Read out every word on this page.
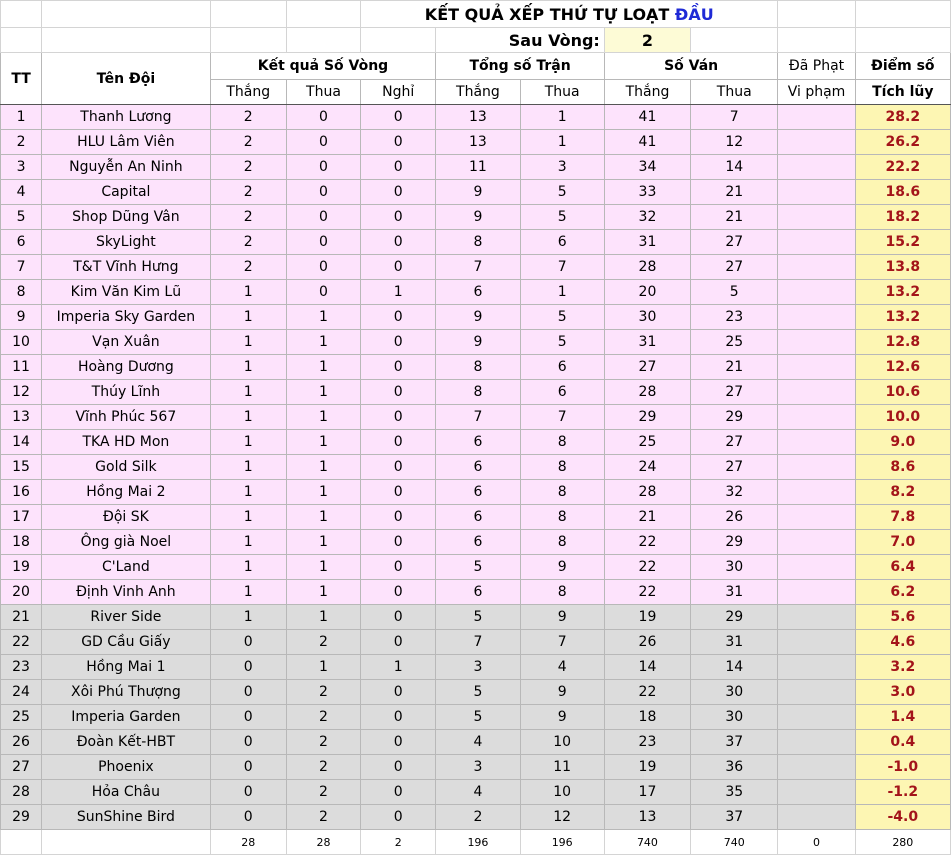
				KẾT QUẢ XẾP THỨ TỰ LOẠT ĐẦU						
					Sau Vòng:		2			
TT	Tên Đội	Kết quả Số Vòng			Tổng số Trận		Số Ván		Đã Phạt	Điểm số
		Thắng	Thua	Nghỉ	Thắng	Thua	Thắng	Thua	Vi phạm	Tích lũy
1	Thanh Lương	2	0	0	13	1	41	7		28.2
2	HLU Lâm Viên	2	0	0	13	1	41	12		26.2
3	Nguyễn An Ninh	2	0	0	11	3	34	14		22.2
4	Capital	2	0	0	9	5	33	21		18.6
5	Shop Dũng Vân	2	0	0	9	5	32	21		18.2
6	SkyLight	2	0	0	8	6	31	27		15.2
7	T&T Vĩnh Hưng	2	0	0	7	7	28	27		13.8
8	Kim Văn Kim Lũ	1	0	1	6	1	20	5		13.2
9	Imperia Sky Garden	1	1	0	9	5	30	23		13.2
10	Vạn Xuân	1	1	0	9	5	31	25		12.8
11	Hoàng Dương	1	1	0	8	6	27	21		12.6
12	Thúy Lĩnh	1	1	0	8	6	28	27		10.6
13	Vĩnh Phúc 567	1	1	0	7	7	29	29		10.0
14	TKA HD Mon	1	1	0	6	8	25	27		9.0
15	Gold Silk	1	1	0	6	8	24	27		8.6
16	Hồng Mai 2	1	1	0	6	8	28	32		8.2
17	Đội SK	1	1	0	6	8	21	26		7.8
18	Ông già Noel	1	1	0	6	8	22	29		7.0
19	C'Land	1	1	0	5	9	22	30		6.4
20	Định Vinh Anh	1	1	0	6	8	22	31		6.2
21	River Side	1	1	0	5	9	19	29		5.6
22	GD Cầu Giấy	0	2	0	7	7	26	31		4.6
23	Hồng Mai 1	0	1	1	3	4	14	14		3.2
24	Xôi Phú Thượng	0	2	0	5	9	22	30		3.0
25	Imperia Garden	0	2	0	5	9	18	30		1.4
26	Đoàn Kết-HBT	0	2	0	4	10	23	37		0.4
27	Phoenix	0	2	0	3	11	19	36		-1.0
28	Hỏa Châu	0	2	0	4	10	17	35		-1.2
29	SunShine Bird	0	2	0	2	12	13	37		-4.0
		28	28	2	196	196	740	740	0	280
